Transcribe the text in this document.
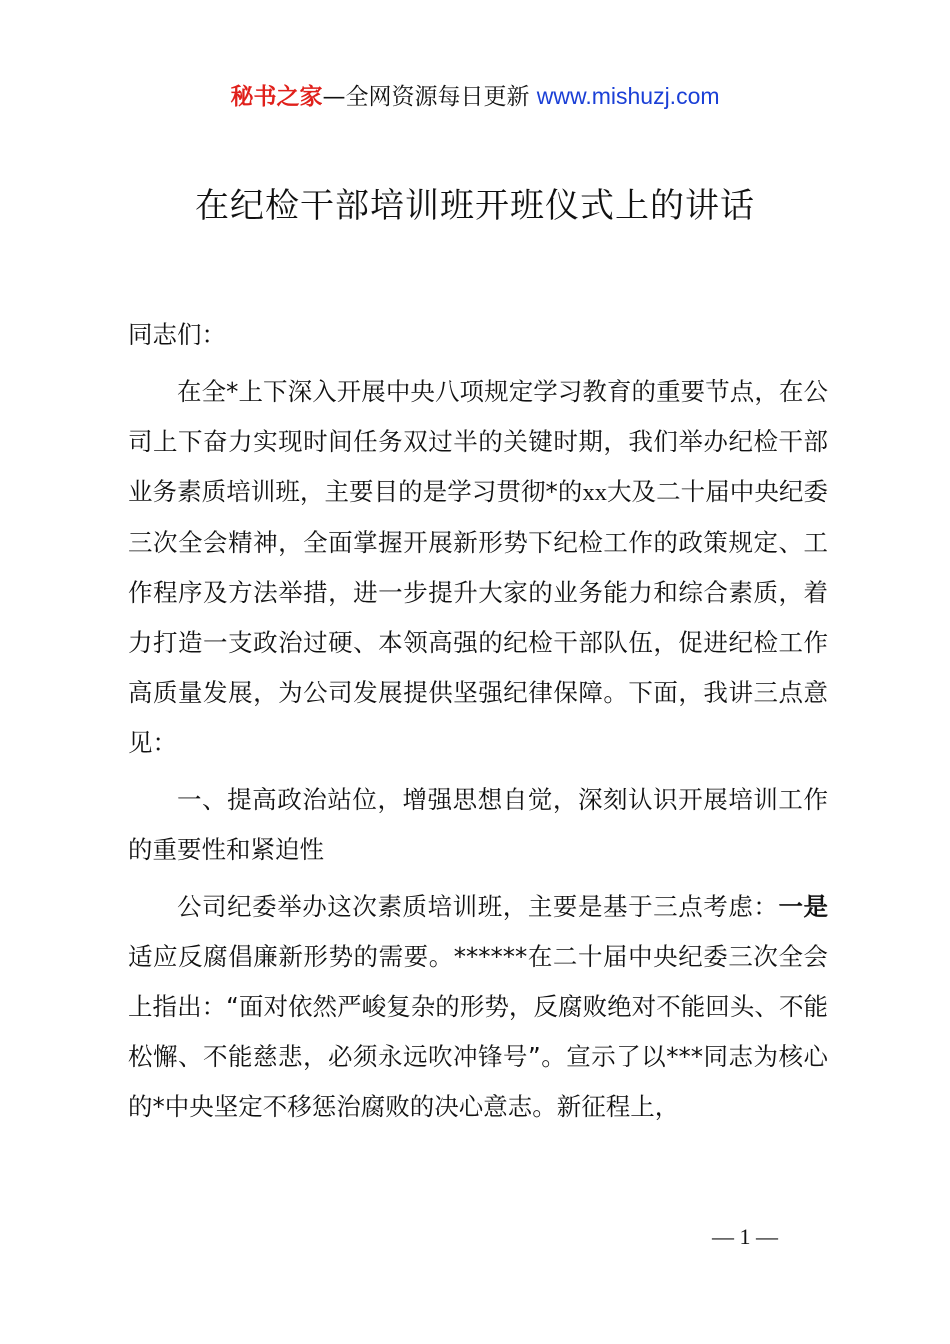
秘书之家—全网资源每日更新 www.mishuzj.com
在纪检干部培训班开班仪式上的讲话

同志们：

在全*上下深入开展中央八项规定学习教育的重要节点，在公司上下奋力实现时间任务双过半的关键时期，我们举办纪检干部业务素质培训班，主要目的是学习贯彻*的xx大及二十届中央纪委三次全会精神，全面掌握开展新形势下纪检工作的政策规定、工作程序及方法举措，进一步提升大家的业务能力和综合素质，着力打造一支政治过硬、本领高强的纪检干部队伍，促进纪检工作高质量发展，为公司发展提供坚强纪律保障。下面，我讲三点意见：

一、提高政治站位，增强思想自觉，深刻认识开展培训工作的重要性和紧迫性

公司纪委举办这次素质培训班，主要是基于三点考虑：一是适应反腐倡廉新形势的需要。******在二十届中央纪委三次全会上指出：“面对依然严峻复杂的形势，反腐败绝对不能回头、不能松懈、不能慈悲，必须永远吹冲锋号”。宣示了以***同志为核心的*中央坚定不移惩治腐败的决心意志。新征程上，

— 1 —
